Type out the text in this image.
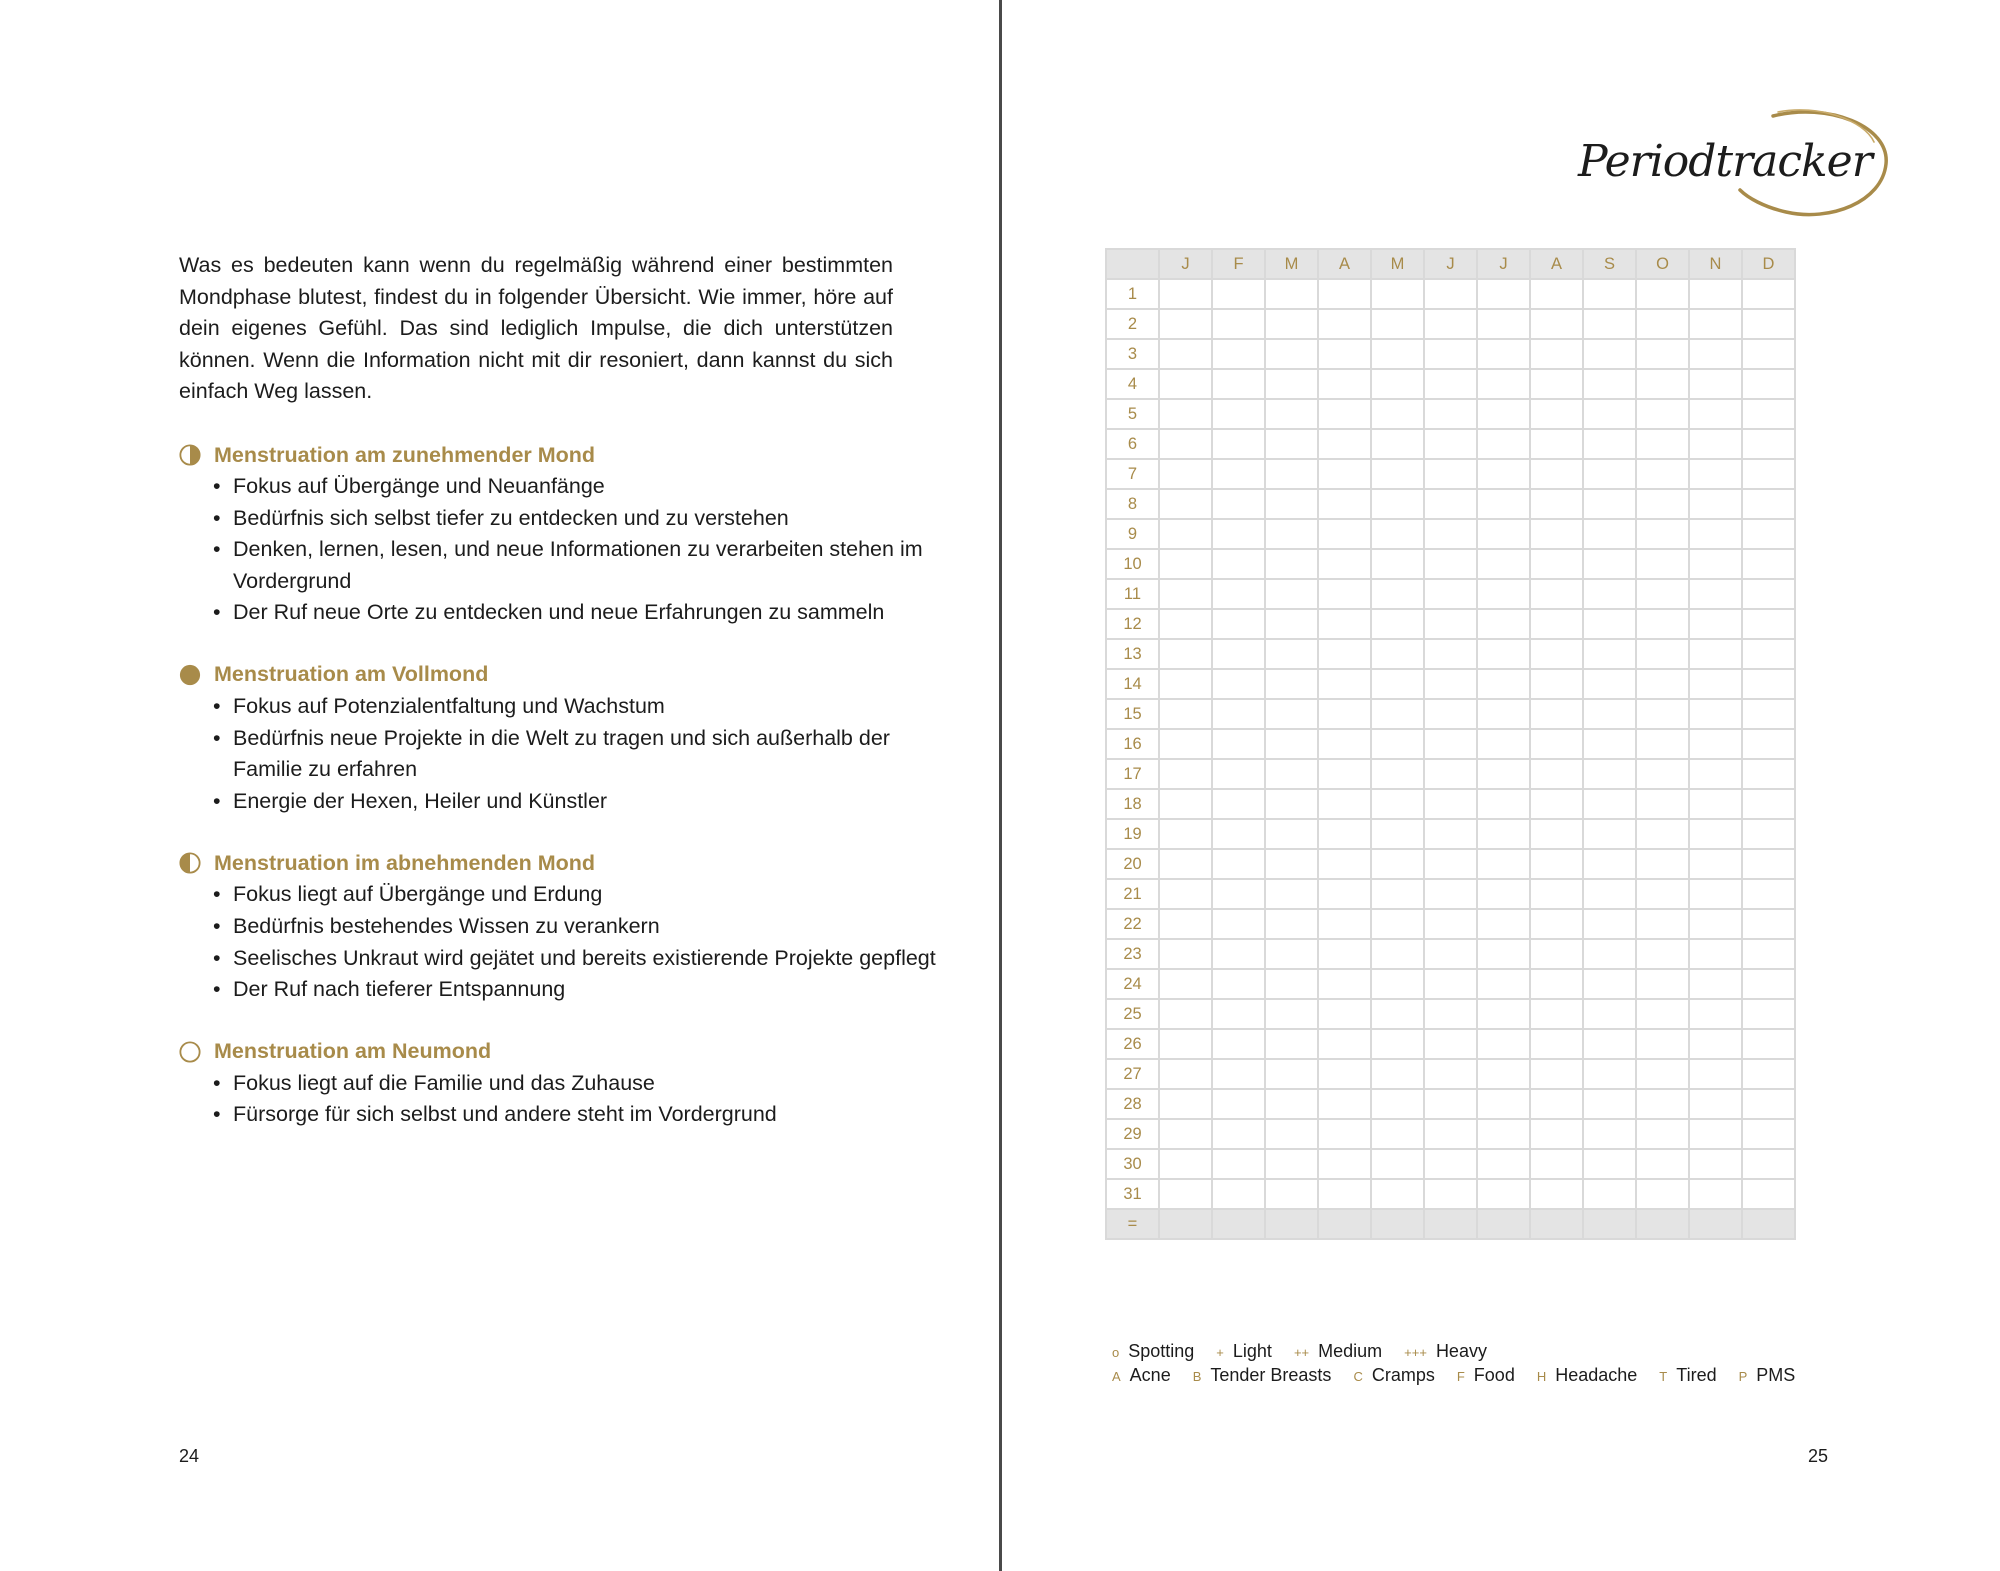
Was es bedeuten kann wenn du regelmäßig während einer bestimmten Mondphase blutest, findest du in folgender Übersicht. Wie immer, höre auf dein eigenes Gefühl. Das sind lediglich Impulse, die dich unterstützen können. Wenn die Information nicht mit dir resoniert, dann kannst du sich einfach Weg lassen.

Menstruation am zunehmender Mond
• Fokus auf Übergänge und Neuanfänge
• Bedürfnis sich selbst tiefer zu entdecken und zu verstehen
• Denken, lernen, lesen, und neue Informationen zu verarbeiten stehen im Vordergrund
• Der Ruf neue Orte zu entdecken und neue Erfahrungen zu sammeln
Menstruation am Vollmond
• Fokus auf Potenzialentfaltung und Wachstum
• Bedürfnis neue Projekte in die Welt zu tragen und sich außerhalb der Familie zu erfahren
• Energie der Hexen, Heiler und Künstler
Menstruation im abnehmenden Mond
• Fokus liegt auf Übergänge und Erdung
• Bedürfnis bestehendes Wissen zu verankern
• Seelisches Unkraut wird gejätet und bereits existierende Projekte gepflegt
• Der Ruf nach tieferer Entspannung
Menstruation am Neumond
• Fokus liegt auf die Familie und das Zuhause
• Fürsorge für sich selbst und andere steht im Vordergrund
24
Periodtracker
	J	F	M	A	M	J	J	A	S	O	N	D
1												
2												
3												
4												
5												
6												
7												
8												
9												
10												
11												
12												
13												
14												
15												
16												
17												
18												
19												
20												
21												
22												
23												
24												
25												
26												
27												
28												
29												
30												
31												
=												
o Spotting + Light ++ Medium +++ Heavy
A Acne B Tender Breasts C Cramps F Food H Headache T Tired P PMS
25
